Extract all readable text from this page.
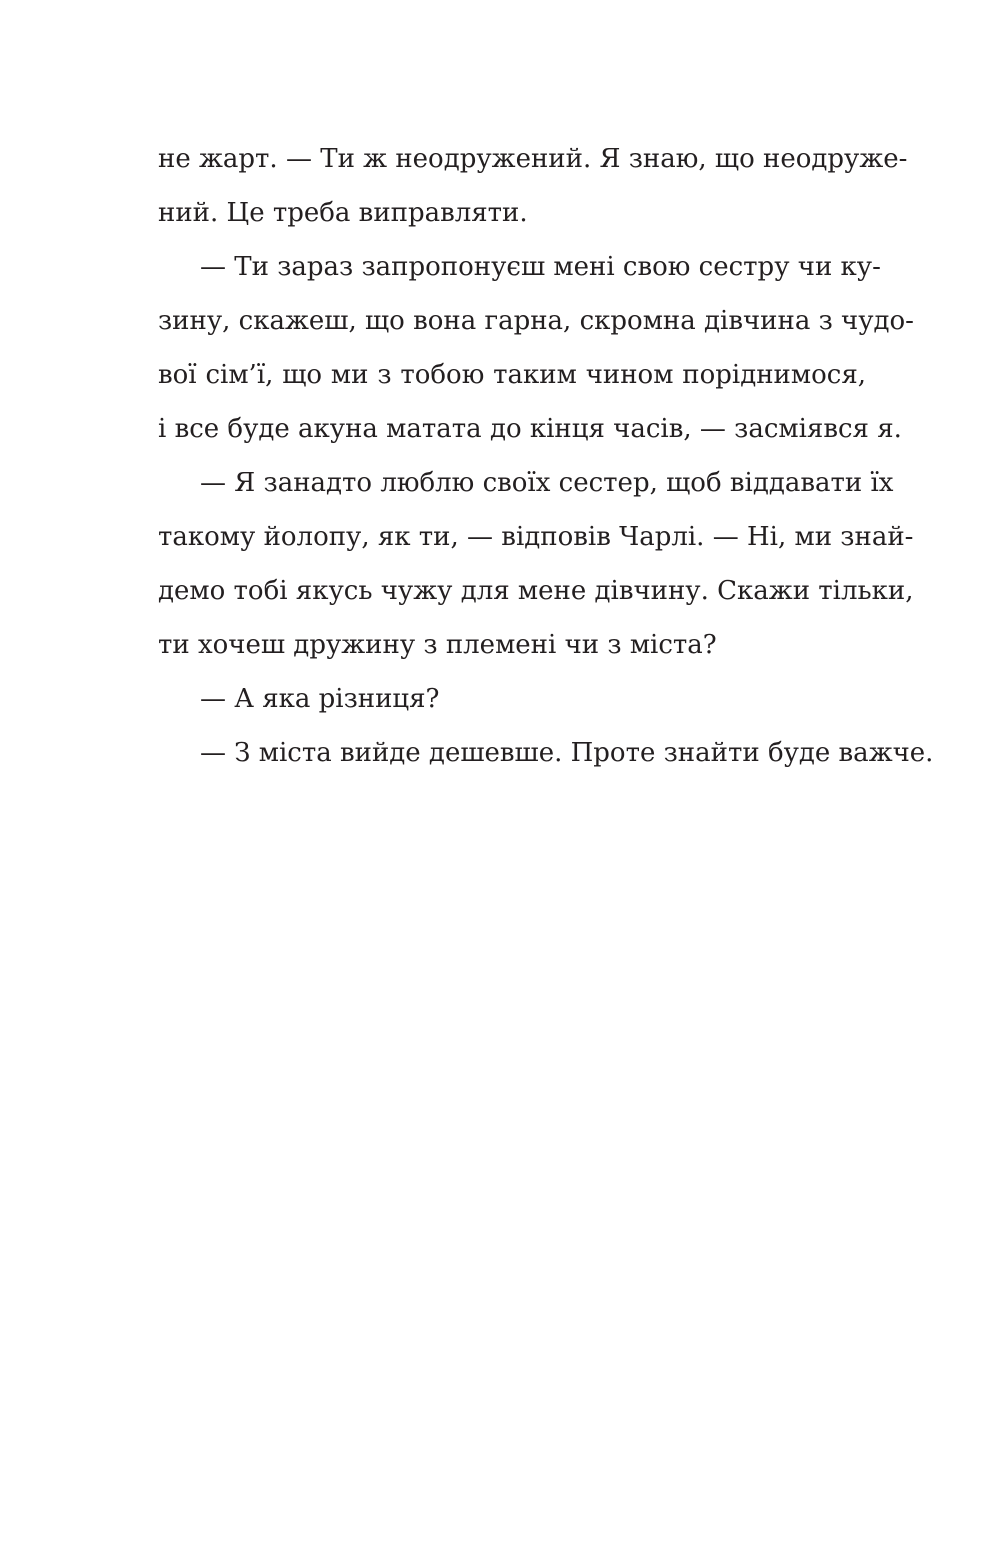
не жарт. — Ти ж неодружений. Я знаю, що неодруже-
ний. Це треба виправляти.
— Ти зараз запропонуєш мені свою сестру чи ку-
зину, скажеш, що вона гарна, скромна дівчина з чудо-
вої сім’ї, що ми з тобою таким чином поріднимося,
і все буде акуна матата до кінця часів, — засміявся я.
— Я занадто люблю своїх сестер, щоб віддавати їх
такому йолопу, як ти, — відповів Чарлі. — Ні, ми знай-
демо тобі якусь чужу для мене дівчину. Скажи тільки,
ти хочеш дружину з племені чи з міста?
— А яка різниця?
— З міста вийде дешевше. Проте знайти буде важче.
